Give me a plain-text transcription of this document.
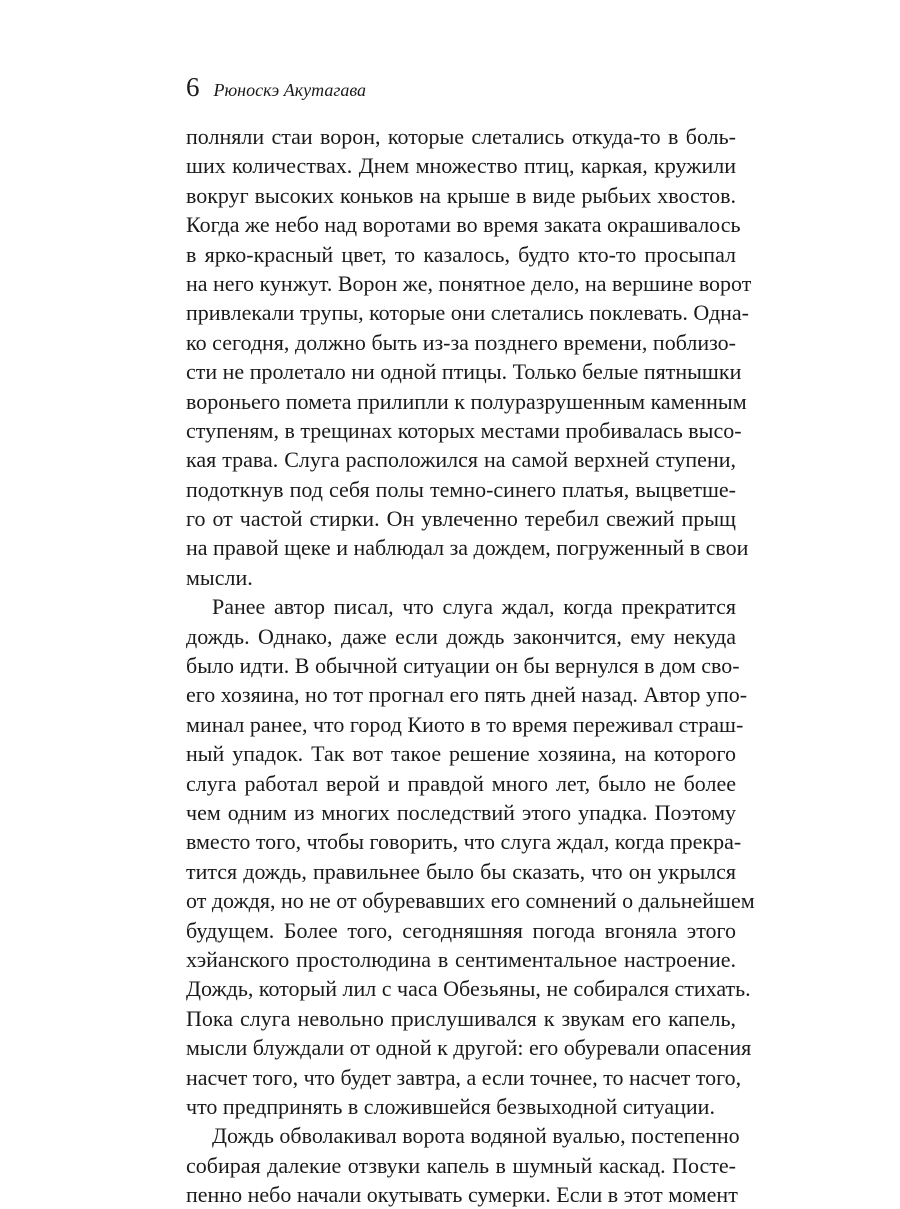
6 Рюноскэ Акутагава
полняли стаи ворон, которые слетались откуда-то в боль-
ших количествах. Днем множество птиц, каркая, кружили
вокруг высоких коньков на крыше в виде рыбьих хвостов.
Когда же небо над воротами во время заката окрашивалось
в ярко-красный цвет, то казалось, будто кто-то просыпал
на него кунжут. Ворон же, понятное дело, на вершине ворот
привлекали трупы, которые они слетались поклевать. Одна-
ко сегодня, должно быть из-за позднего времени, поблизо-
сти не пролетало ни одной птицы. Только белые пятнышки
вороньего помета прилипли к полуразрушенным каменным
ступеням, в трещинах которых местами пробивалась высо-
кая трава. Слуга расположился на самой верхней ступени,
подоткнув под себя полы темно-синего платья, выцветше-
го от частой стирки. Он увлеченно теребил свежий прыщ
на правой щеке и наблюдал за дождем, погруженный в свои
мысли.
Ранее автор писал, что слуга ждал, когда прекратится
дождь. Однако, даже если дождь закончится, ему некуда
было идти. В обычной ситуации он бы вернулся в дом сво-
его хозяина, но тот прогнал его пять дней назад. Автор упо-
минал ранее, что город Киото в то время переживал страш-
ный упадок. Так вот такое решение хозяина, на которого
слуга работал верой и правдой много лет, было не более
чем одним из многих последствий этого упадка. Поэтому
вместо того, чтобы говорить, что слуга ждал, когда прекра-
тится дождь, правильнее было бы сказать, что он укрылся
от дождя, но не от обуревавших его сомнений о дальнейшем
будущем. Более того, сегодняшняя погода вгоняла этого
хэйанского простолюдина в сентиментальное настроение.
Дождь, который лил с часа Обезьяны, не собирался стихать.
Пока слуга невольно прислушивался к звукам его капель,
мысли блуждали от одной к другой: его обуревали опасения
насчет того, что будет завтра, а если точнее, то насчет того,
что предпринять в сложившейся безвыходной ситуации.
Дождь обволакивал ворота водяной вуалью, постепенно
собирая далекие отзвуки капель в шумный каскад. Посте-
пенно небо начали окутывать сумерки. Если в этот момент
